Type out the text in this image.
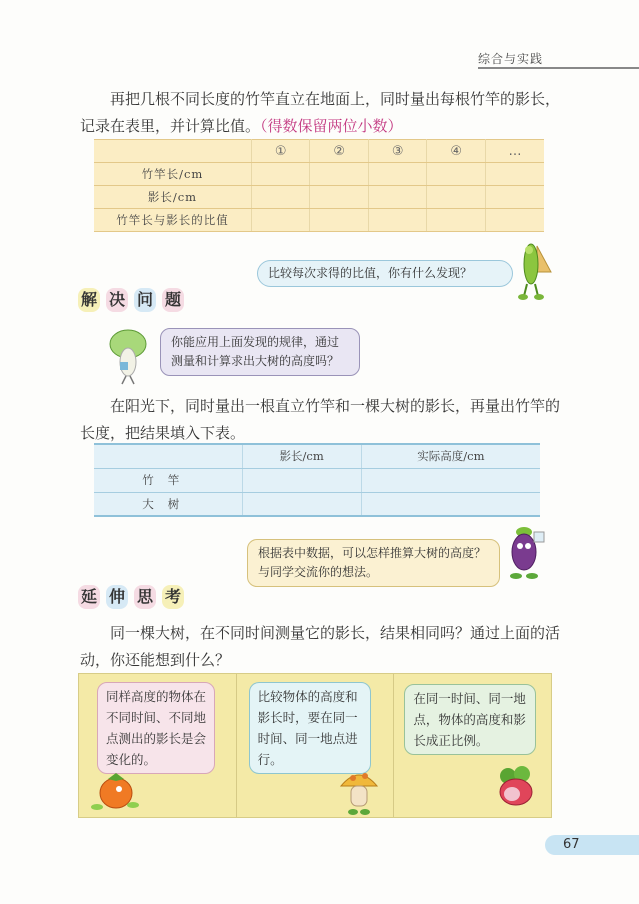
综合与实践

再把几根不同长度的竹竿直立在地面上，同时量出每根竹竿的影长，记录在表里，并计算比值。（得数保留两位小数）

	①	②	③	④	…
竹竿长/cm					
影长/cm					
竹竿长与影长的比值					
比较每次求得的比值，你有什么发现？
解 决 问 题
你能应用上面发现的规律，通过测量和计算求出大树的高度吗？

在阳光下，同时量出一根直立竹竿和一棵大树的影长，再量出竹竿的长度，把结果填入下表。

	影长/cm	实际高度/cm
竹竿		
大树		
根据表中数据，可以怎样推算大树的高度？与同学交流你的想法。
延 伸 思 考

同一棵大树，在不同时间测量它的影长，结果相同吗？通过上面的活动，你还能想到什么？

同样高度的物体在不同时间、不同地点测出的影长是会变化的。
比较物体的高度和影长时，要在同一时间、同一地点进行。
在同一时间、同一地点，物体的高度和影长成正比例。
67
